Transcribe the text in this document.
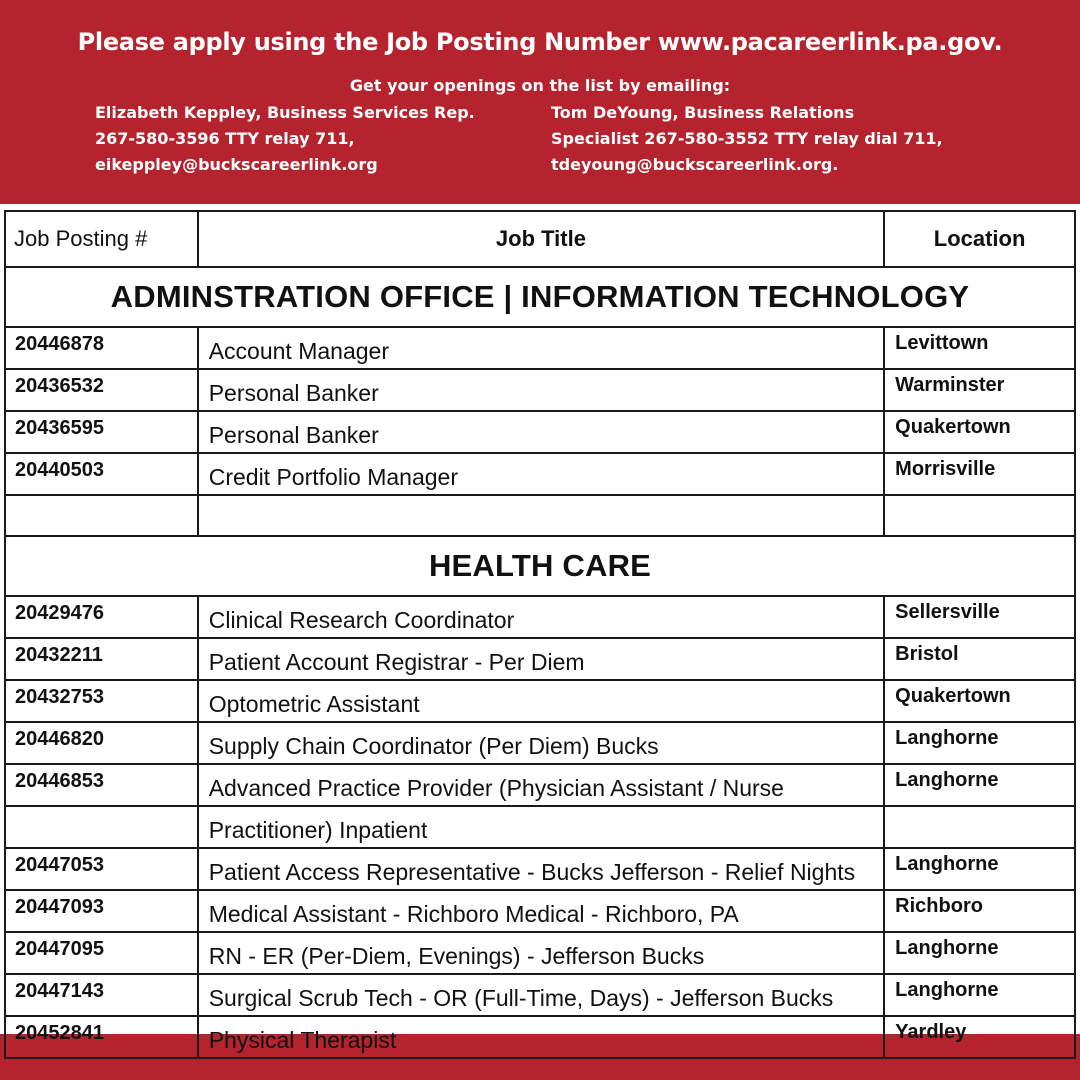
Please apply using the Job Posting Number www.pacareerlink.pa.gov.
Get your openings on the list by emailing:
Elizabeth Keppley, Business Services Rep.
267-580-3596 TTY relay 711,
eikeppley@buckscareerlink.org
Tom DeYoung, Business Relations
Specialist 267-580-3552 TTY relay dial 711,
tdeyoung@buckscareerlink.org.
Job Posting #	Job Title	Location
ADMINSTRATION OFFICE | INFORMATION TECHNOLOGY		
20446878	Account Manager	Levittown
20436532	Personal Banker	Warminster
20436595	Personal Banker	Quakertown
20440503	Credit Portfolio Manager	Morrisville

HEALTH CARE		
20429476	Clinical Research Coordinator	Sellersville
20432211	Patient Account Registrar - Per Diem	Bristol
20432753	Optometric Assistant	Quakertown
20446820	Supply Chain Coordinator (Per Diem) Bucks	Langhorne
20446853	Advanced Practice Provider (Physician Assistant / Nurse	Langhorne
	Practitioner) Inpatient	
20447053	Patient Access Representative - Bucks Jefferson - Relief Nights	Langhorne
20447093	Medical Assistant - Richboro Medical - Richboro, PA	Richboro
20447095	RN - ER (Per-Diem, Evenings) - Jefferson Bucks	Langhorne
20447143	Surgical Scrub Tech - OR (Full-Time, Days) - Jefferson Bucks	Langhorne
20452841	Physical Therapist	Yardley
